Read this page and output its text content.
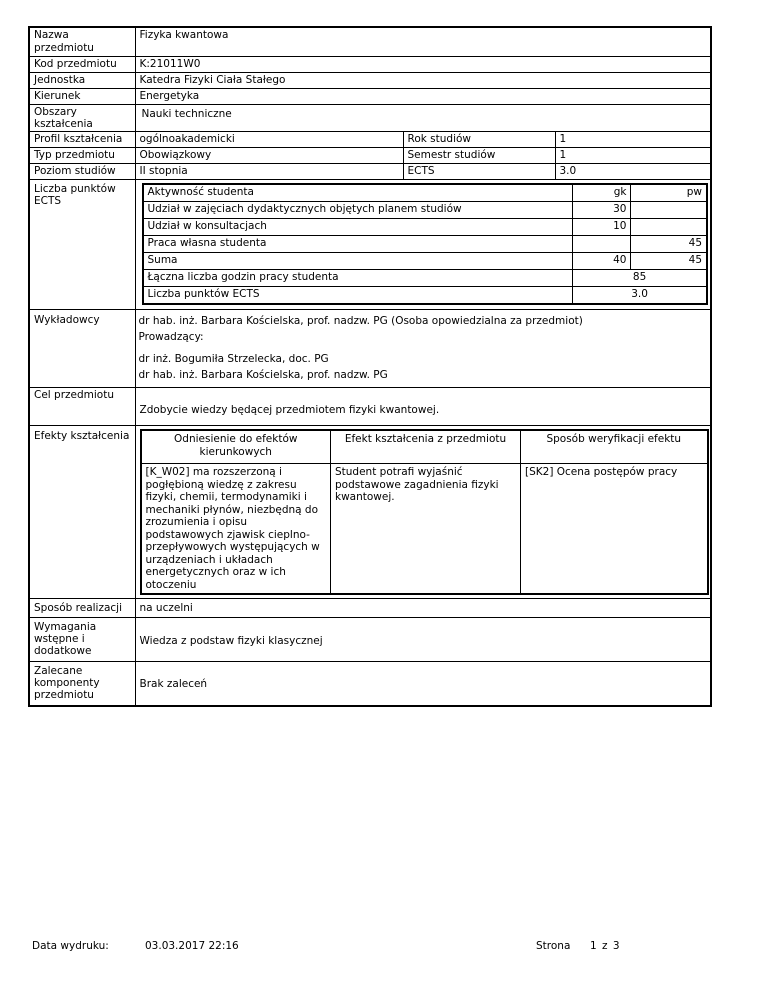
Nazwa przedmiotu	Fizyka kwantowa
Kod przedmiotu	K:21011W0
Jednostka	Katedra Fizyki Ciała Stałego
Kierunek	Energetyka
Obszary kształcenia	Nauki techniczne
Profil kształcenia	ogólnoakademicki	Rok studiów	1
Typ przedmiotu	Obowiązkowy	Semestr studiów	1
Poziom studiów	II stopnia	ECTS	3.0
Liczba punktów ECTS	
Aktywność studenta	gk	pw
Udział w zajęciach dydaktycznych objętych planem studiów	30	
Udział w konsultacjach	10	
Praca własna studenta		45
Suma	40	45
Łączna liczba godzin pracy studenta	85
Liczba punktów ECTS	3.0

Wykładowcy	dr hab. inż. Barbara Kościelska, prof. nadzw. PG (Osoba opowiedzialna za przedmiot)
Prowadzący:
dr inż. Bogumiła Strzelecka, doc. PG
dr hab. inż. Barbara Kościelska, prof. nadzw. PG

Cel przedmiotu	Zdobycie wiedzy będącej przedmiotem fizyki kwantowej.
Efekty kształcenia		Odniesienie do efektów kierunkowych	Efekt kształcenia z przedmiotu	Sposób weryfikacji efektu
[K_W02] ma rozszerzoną i pogłębioną wiedzę z zakresu fizyki, chemii, termodynamiki i mechaniki płynów, niezbędną do zrozumienia i opisu podstawowych zjawisk cieplno-przepływowych występujących w urządzeniach i układach energetycznych oraz w ich otoczeniu	Student potrafi wyjaśnić podstawowe zagadnienia fizyki kwantowej.	[SK2] Ocena postępów pracy

Sposób realizacji	na uczelni
Wymagania wstępne i dodatkowe	Wiedza z podstaw fizyki klasycznej
Zalecane komponenty przedmiotu	Brak zaleceń
Data wydruku:	03.03.2017 22:16	Strona 1 z 3
